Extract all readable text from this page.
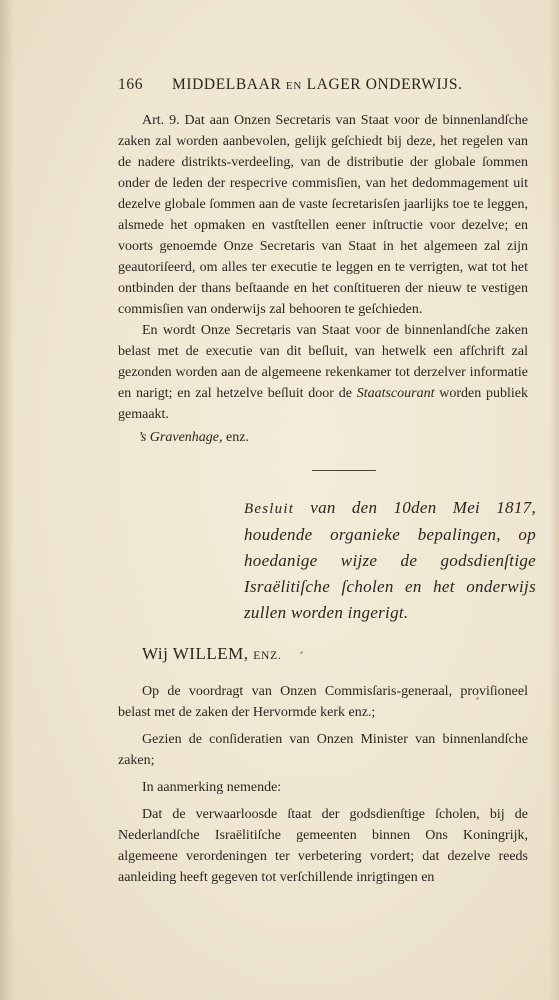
166 MIDDELBAAR EN LAGER ONDERWIJS.

Art. 9. Dat aan Onzen Secretaris van Staat voor de binnenlandſche zaken zal worden aanbevolen, gelijk geſchiedt bij deze, het regelen van de nadere distrikts-verdeeling, van de distributie der globale ſommen onder de leden der respecrive commisſien, van het dedommagement uit dezelve globale ſommen aan de vaste ſecretarisſen jaarlijks toe te leggen, alsmede het opmaken en vastſtellen eener inſtructie voor dezelve; en voorts genoemde Onze Secretaris van Staat in het algemeen zal zijn geautoriſeerd, om alles ter executie te leggen en te verrigten, wat tot het ontbinden der thans beſtaande en het conſtitueren der nieuw te vestigen commisſien van onderwijs zal behooren te geſchieden.

En wordt Onze Secretaris van Staat voor de binnenlandſche zaken belast met de executie van dit beſluit, van hetwelk een afſchrift zal gezonden worden aan de algemeene rekenkamer tot derzelver informatie en narigt; en zal hetzelve beſluit door de Staatscourant worden publiek gemaakt.

’s Gravenhage, enz.

Besluit van den 10den Mei 1817, houdende organieke bepalingen, op hoedanige wijze de godsdienſtige Israëlitiſche ſcholen en het onderwijs zullen worden ingerigt.

Wij WILLEM, ENZ.

Op de voordragt van Onzen Commisſaris-generaal, proviſioneel belast met de zaken der Hervormde kerk enz.;

Gezien de conſideratien van Onzen Minister van binnenlandſche zaken;

In aanmerking nemende:

Dat de verwaarloosde ſtaat der godsdienſtige ſcholen, bij de Nederlandſche Israëlitiſche gemeenten binnen Ons Koningrijk, algemeene verordeningen ter verbetering vordert; dat dezelve reeds aanleiding heeft gegeven tot verſchillende inrigtingen en
